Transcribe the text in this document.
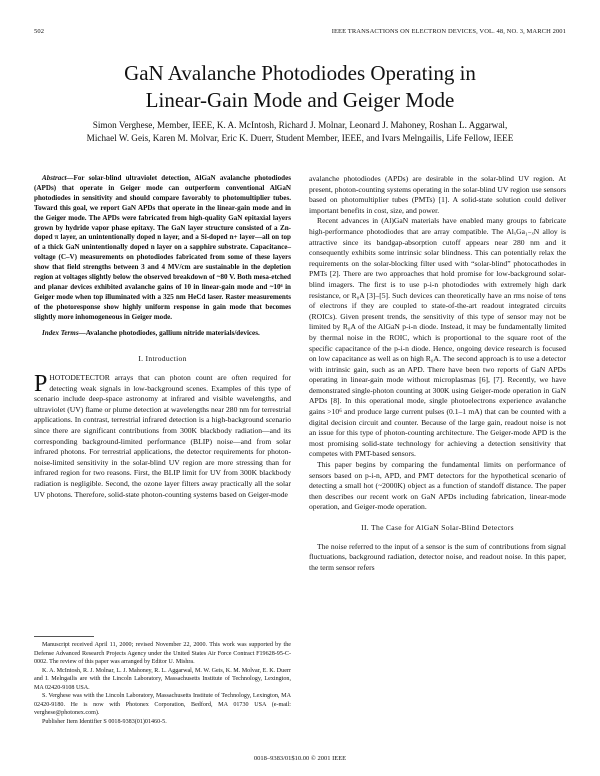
502	IEEE TRANSACTIONS ON ELECTRON DEVICES, VOL. 48, NO. 3, MARCH 2001
GaN Avalanche Photodiodes Operating in
Linear-Gain Mode and Geiger Mode
Simon Verghese, Member, IEEE, K. A. McIntosh, Richard J. Molnar, Leonard J. Mahoney, Roshan L. Aggarwal,
Michael W. Geis, Karen M. Molvar, Eric K. Duerr, Student Member, IEEE, and Ivars Melngailis, Life Fellow, IEEE

Abstract—For solar-blind ultraviolet detection, AlGaN avalanche photodiodes (APDs) that operate in Geiger mode can outperform conventional AlGaN photodiodes in sensitivity and should compare favorably to photomultiplier tubes. Toward this goal, we report GaN APDs that operate in the linear-gain mode and in the Geiger mode. The APDs were fabricated from high-quality GaN epitaxial layers grown by hydride vapor phase epitaxy. The GaN layer structure consisted of a Zn-doped π layer, an unintentionally doped n layer, and a Si-doped n+ layer—all on top of a thick GaN unintentionally doped n layer on a sapphire substrate. Capacitance–voltage (C–V) measurements on photodiodes fabricated from some of these layers show that field strengths between 3 and 4 MV/cm are sustainable in the depletion region at voltages slightly below the observed breakdown of ~80 V. Both mesa-etched and planar devices exhibited avalanche gains of 10 in linear-gain mode and ~10⁶ in Geiger mode when top illuminated with a 325 nm HeCd laser. Raster measurements of the photoresponse show highly uniform response in gain mode that becomes slightly more inhomogeneous in Geiger mode.

Index Terms—Avalanche photodiodes, gallium nitride materials/devices.

I. Introduction

PHOTODETECTOR arrays that can photon count are often required for detecting weak signals in low-background scenes. Examples of this type of scenario include deep-space astronomy at infrared and visible wavelengths, and ultraviolet (UV) flame or plume detection at wavelengths near 280 nm for terrestrial applications. In contrast, terrestrial infrared detection is a high-background scenario since there are significant contributions from 300K blackbody radiation—and its corresponding background-limited performance (BLIP) noise—and from solar infrared photons. For terrestrial applications, the detector requirements for photon-noise-limited sensitivity in the solar-blind UV region are more stressing than for infrared region for two reasons. First, the BLIP limit for UV from 300K blackbody radiation is negligible. Second, the ozone layer filters away practically all the solar UV photons. Therefore, solid-state photon-counting systems based on Geiger-mode

Manuscript received April 11, 2000; revised November 22, 2000. This work was supported by the Defense Advanced Research Projects Agency under the United States Air Force Contract F19628-95-C-0002. The review of this paper was arranged by Editor U. Mishra.

K. A. McIntosh, R. J. Molnar, L. J. Mahoney, R. L. Aggarwal, M. W. Geis, K. M. Molvar, E. K. Duerr and I. Melngailis are with the Lincoln Laboratory, Massachusetts Institute of Technology, Lexington, MA 02420-9108 USA.

S. Verghese was with the Lincoln Laboratory, Massachusetts Institute of Technology, Lexington, MA 02420-9180. He is now with Photonex Corporation, Bedford, MA 01730 USA (e-mail: verghese@photonex.com).

Publisher Item Identifier S 0018-9383(01)01460-5.

avalanche photodiodes (APDs) are desirable in the solar-blind UV region. At present, photon-counting systems operating in the solar-blind UV region use sensors based on photomultiplier tubes (PMTs) [1]. A solid-state solution could deliver important benefits in cost, size, and power.

Recent advances in (Al)GaN materials have enabled many groups to fabricate high-performance photodiodes that are array compatible. The AlₓGa₁₋ₓN alloy is attractive since its bandgap-absorption cutoff appears near 280 nm and it consequently exhibits some intrinsic solar blindness. This can potentially relax the requirements on the solar-blocking filter used with “solar-blind” photocathodes in PMTs [2]. There are two approaches that hold promise for low-background solar-blind imagers. The first is to use p-i-n photodiodes with extremely high dark resistance, or R₀A [3]–[5]. Such devices can theoretically have an rms noise of tens of electrons if they are coupled to state-of-the-art readout integrated circuits (ROICs). Given present trends, the sensitivity of this type of sensor may not be limited by R₀A of the AlGaN p-i-n diode. Instead, it may be fundamentally limited by thermal noise in the ROIC, which is proportional to the square root of the specific capacitance of the p-i-n diode. Hence, ongoing device research is focused on low capacitance as well as on high R₀A. The second approach is to use a detector with intrinsic gain, such as an APD. There have been two reports of GaN APDs operating in linear-gain mode without microplasmas [6], [7]. Recently, we have demonstrated single-photon counting at 300K using Geiger-mode operation in GaN APDs [8]. In this operational mode, single photoelectrons experience avalanche gains >10⁶ and produce large current pulses (0.1–1 mA) that can be counted with a digital decision circuit and counter. Because of the large gain, readout noise is not an issue for this type of photon-counting architecture. The Geiger-mode APD is the most promising solid-state technology for achieving a detection sensitivity that competes with PMT-based sensors.

This paper begins by comparing the fundamental limits on performance of sensors based on p-i-n, APD, and PMT detectors for the hypothetical scenario of detecting a small hot (~2000K) object as a function of standoff distance. The paper then describes our recent work on GaN APDs including fabrication, linear-mode operation, and Geiger-mode operation.

II. The Case for AlGaN Solar-Blind Detectors

The noise referred to the input of a sensor is the sum of contributions from signal fluctuations, background radiation, detector noise, and readout noise. In this paper, the term sensor refers

0018–9383/01$10.00 © 2001 IEEE
